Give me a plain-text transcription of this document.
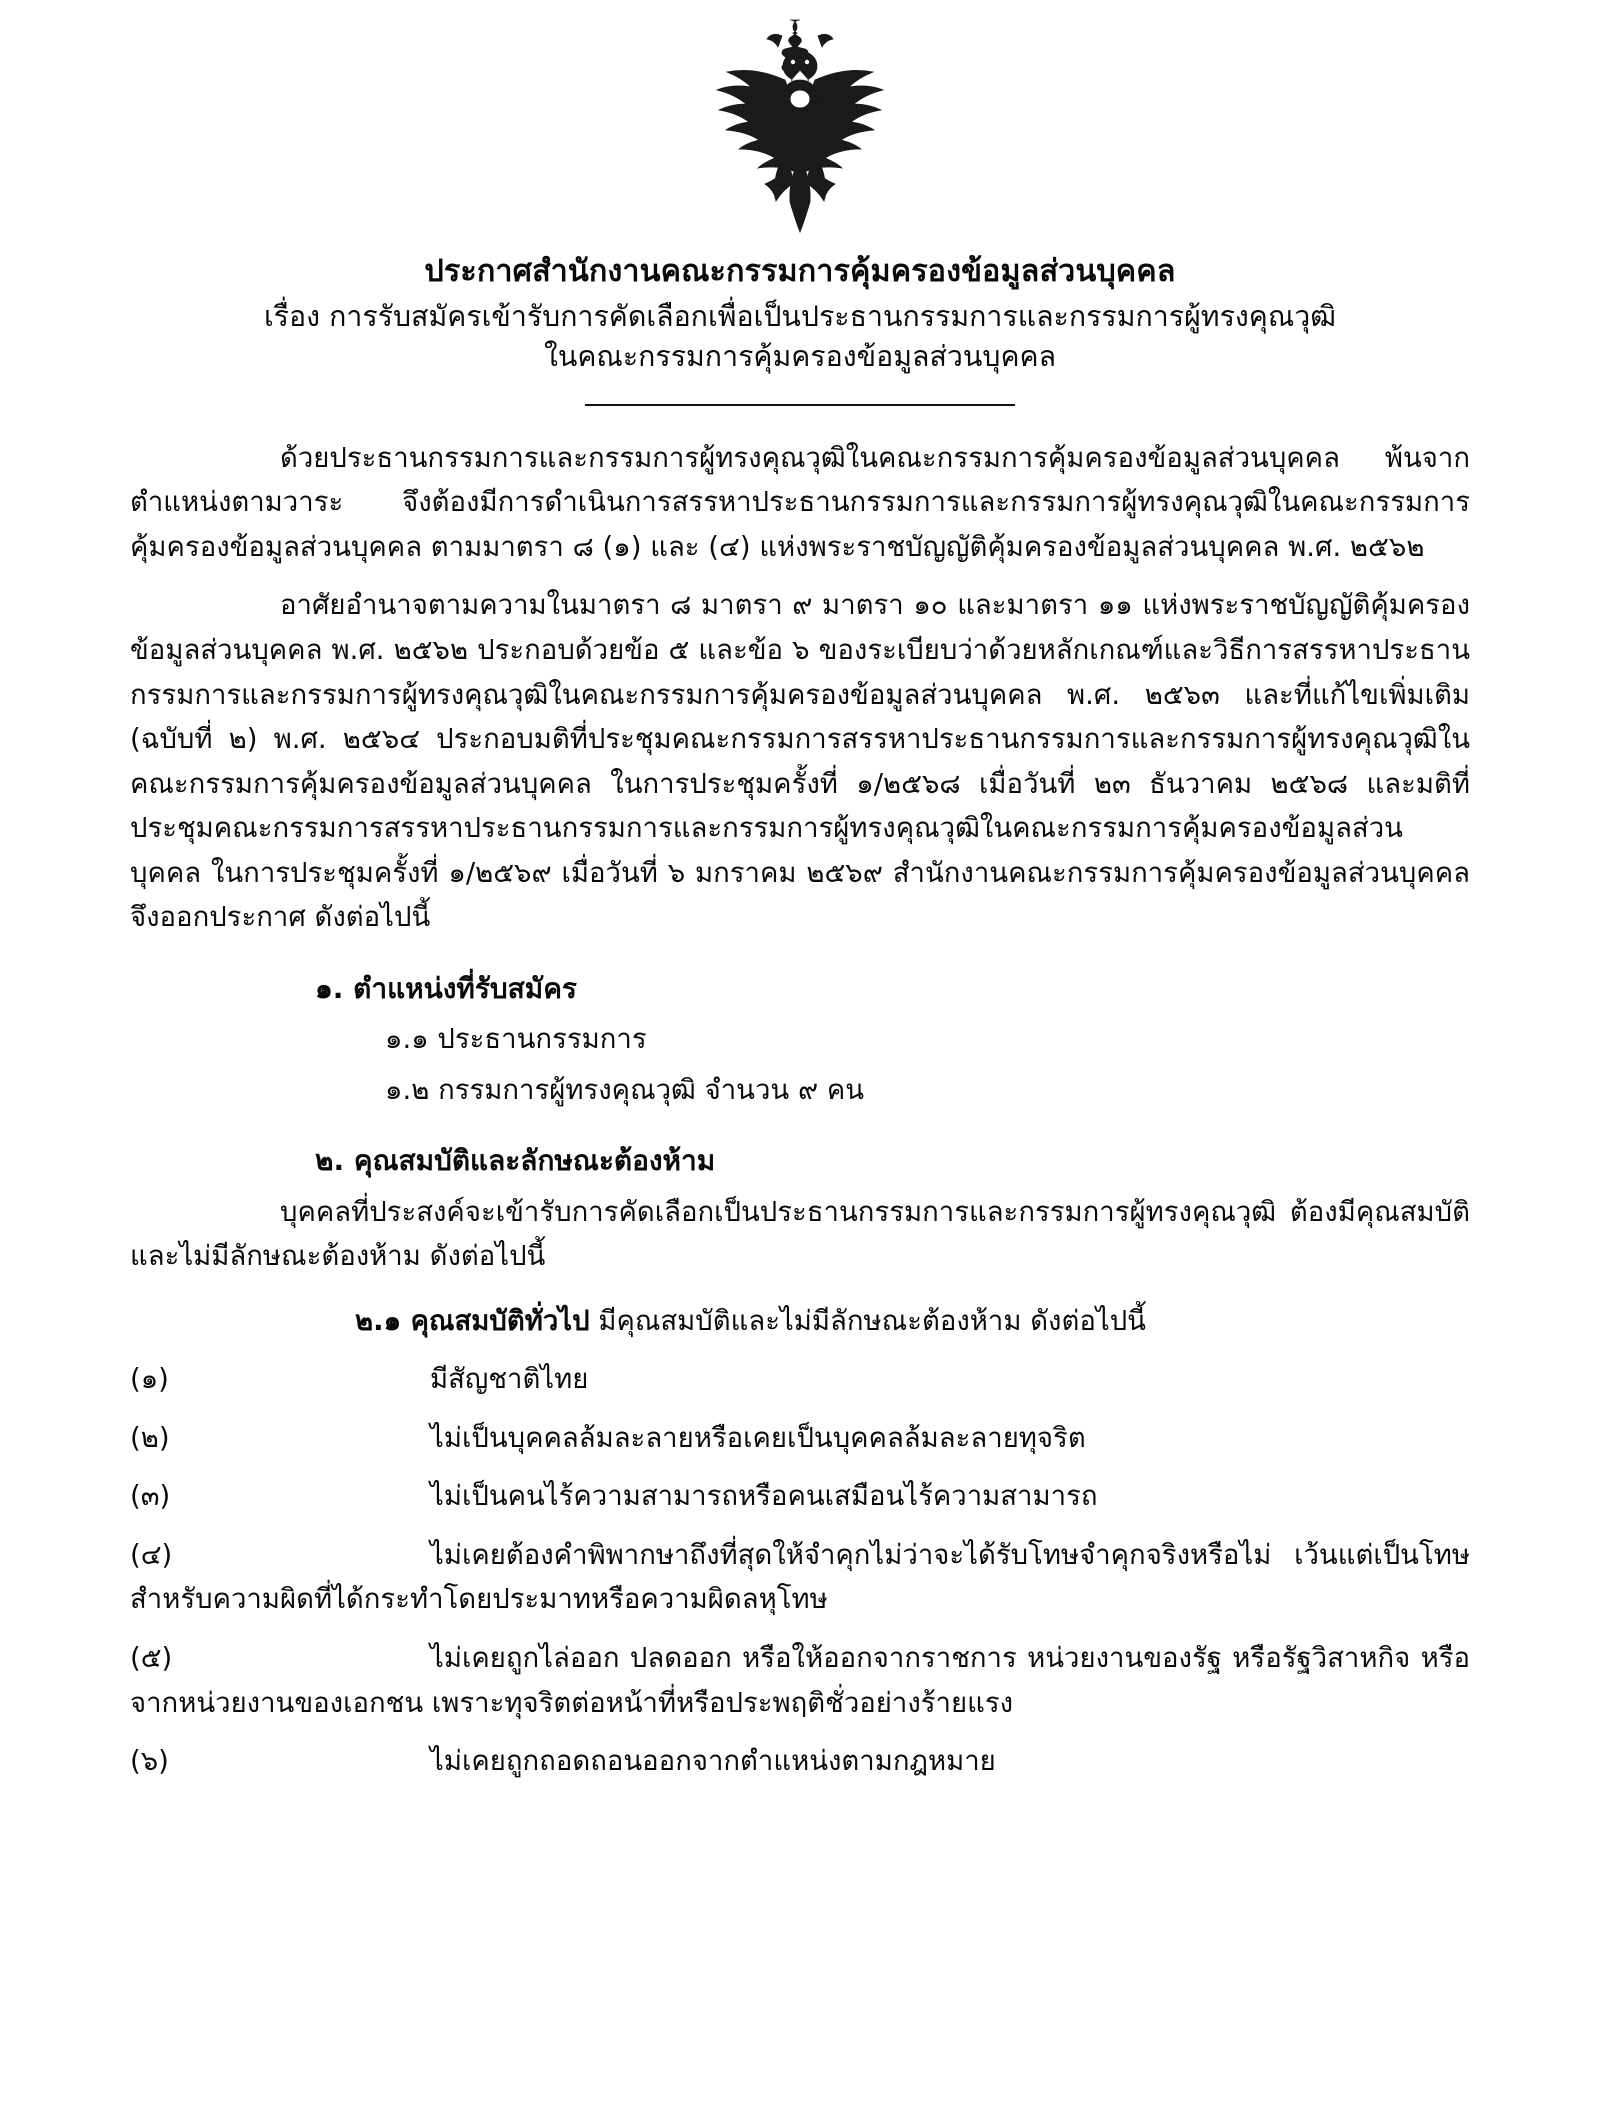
ประกาศสำนักงานคณะกรรมการคุ้มครองข้อมูลส่วนบุคคล
เรื่อง การรับสมัครเข้ารับการคัดเลือกเพื่อเป็นประธานกรรมการและกรรมการผู้ทรงคุณวุฒิ
ในคณะกรรมการคุ้มครองข้อมูลส่วนบุคคล

ด้วยประธานกรรมการและกรรมการผู้ทรงคุณวุฒิในคณะกรรมการคุ้มครองข้อมูลส่วนบุคคล พ้นจากตำแหน่งตามวาระ จึงต้องมีการดำเนินการสรรหาประธานกรรมการและกรรมการผู้ทรงคุณวุฒิในคณะกรรมการคุ้มครองข้อมูลส่วนบุคคล ตามมาตรา ๘ (๑) และ (๔) แห่งพระราชบัญญัติคุ้มครองข้อมูลส่วนบุคคล พ.ศ. ๒๕๖๒

อาศัยอำนาจตามความในมาตรา ๘ มาตรา ๙ มาตรา ๑๐ และมาตรา ๑๑ แห่งพระราชบัญญัติคุ้มครองข้อมูลส่วนบุคคล พ.ศ. ๒๕๖๒ ประกอบด้วยข้อ ๕ และข้อ ๖ ของระเบียบว่าด้วยหลักเกณฑ์และวิธีการสรรหาประธานกรรมการและกรรมการผู้ทรงคุณวุฒิในคณะกรรมการคุ้มครองข้อมูลส่วนบุคคล พ.ศ. ๒๕๖๓ และที่แก้ไขเพิ่มเติม (ฉบับที่ ๒) พ.ศ. ๒๕๖๔ ประกอบมติที่ประชุมคณะกรรมการสรรหาประธานกรรมการและกรรมการผู้ทรงคุณวุฒิในคณะกรรมการคุ้มครองข้อมูลส่วนบุคคล ในการประชุมครั้งที่ ๑/๒๕๖๘ เมื่อวันที่ ๒๓ ธันวาคม ๒๕๖๘ และมติที่ประชุมคณะกรรมการสรรหาประธานกรรมการและกรรมการผู้ทรงคุณวุฒิในคณะกรรมการคุ้มครองข้อมูลส่วนบุคคล ในการประชุมครั้งที่ ๑/๒๕๖๙ เมื่อวันที่ ๖ มกราคม ๒๕๖๙ สำนักงานคณะกรรมการคุ้มครองข้อมูลส่วนบุคคล จึงออกประกาศ ดังต่อไปนี้

๑. ตำแหน่งที่รับสมัคร
๑.๑ ประธานกรรมการ
๑.๒ กรรมการผู้ทรงคุณวุฒิ จำนวน ๙ คน
๒. คุณสมบัติและลักษณะต้องห้าม

บุคคลที่ประสงค์จะเข้ารับการคัดเลือกเป็นประธานกรรมการและกรรมการผู้ทรงคุณวุฒิ ต้องมีคุณสมบัติและไม่มีลักษณะต้องห้าม ดังต่อไปนี้

๒.๑ คุณสมบัติทั่วไป มีคุณสมบัติและไม่มีลักษณะต้องห้าม ดังต่อไปนี้
(๑)	มีสัญชาติไทย
(๒)	ไม่เป็นบุคคลล้มละลายหรือเคยเป็นบุคคลล้มละลายทุจริต
(๓)	ไม่เป็นคนไร้ความสามารถหรือคนเสมือนไร้ความสามารถ
(๔)	ไม่เคยต้องคำพิพากษาถึงที่สุดให้จำคุกไม่ว่าจะได้รับโทษจำคุกจริงหรือไม่ เว้นแต่เป็นโทษสำหรับความผิดที่ได้กระทำโดยประมาทหรือความผิดลหุโทษ
(๕)	ไม่เคยถูกไล่ออก ปลดออก หรือให้ออกจากราชการ หน่วยงานของรัฐ หรือรัฐวิสาหกิจ หรือจากหน่วยงานของเอกชน เพราะทุจริตต่อหน้าที่หรือประพฤติชั่วอย่างร้ายแรง
(๖)	ไม่เคยถูกถอดถอนออกจากตำแหน่งตามกฎหมาย
